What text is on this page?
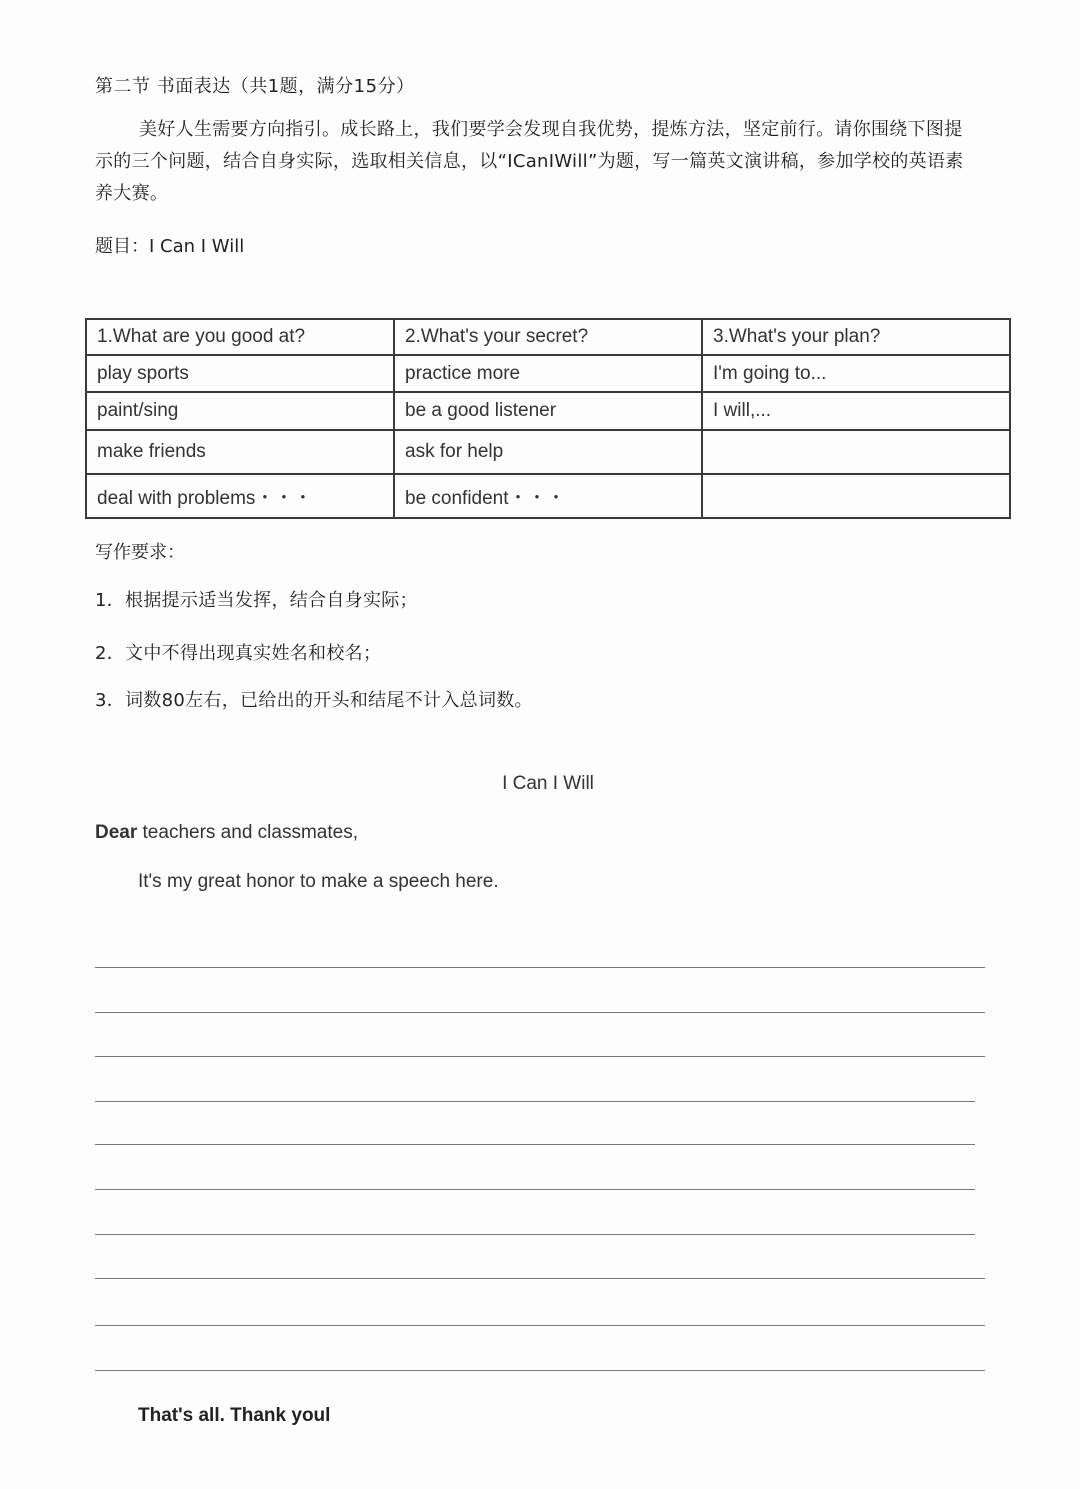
第二节 书面表达（共1题，满分15分）
美好人生需要方向指引。成长路上，我们要学会发现自我优势，提炼方法，坚定前行。请你围绕下图提示的三个问题，结合自身实际，选取相关信息，以“ICanIWill”为题，写一篇英文演讲稿，参加学校的英语素养大赛。
题目：I Can I Will
1.What are you good at?	2.What's your secret?	3.What's your plan?
play sports	practice more	I'm going to...
paint/sing	be a good listener	I will,...
make friends	ask for help	
deal with problems・・・	be confident・・・	
写作要求：
1．根据提示适当发挥，结合自身实际；
2．文中不得出现真实姓名和校名；
3．词数80左右，已给出的开头和结尾不计入总词数。
I Can I Will
Dear teachers and classmates,
It's my great honor to make a speech here.
That's all. Thank youl
